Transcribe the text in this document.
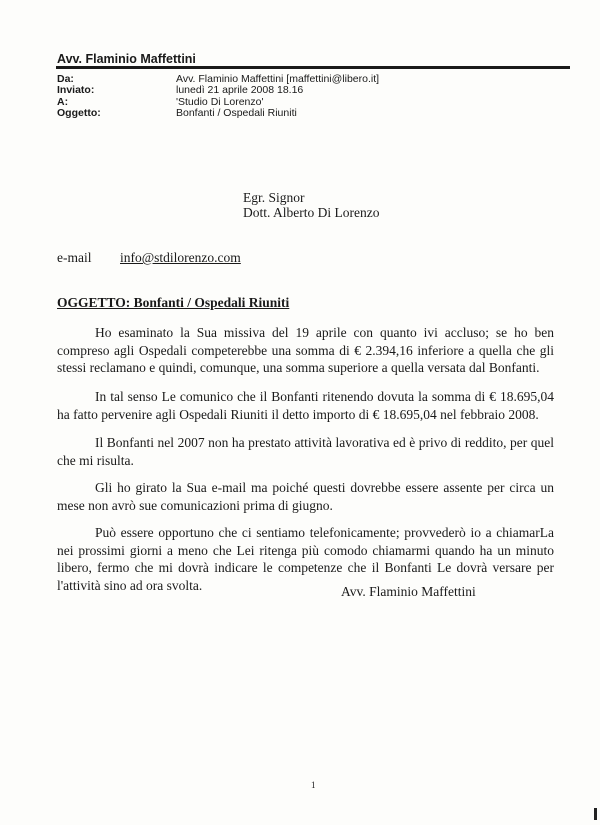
Avv. Flaminio Maffettini
Da:	Avv. Flaminio Maffettini [maffettini@libero.it]
Inviato:	lunedì 21 aprile 2008 18.16
A:	'Studio Di Lorenzo'
Oggetto:	Bonfanti / Ospedali Riuniti
Egr. Signor
Dott. Alberto Di Lorenzo
e-mail info@stdilorenzo.com
OGGETTO: Bonfanti / Ospedali Riuniti
Ho esaminato la Sua missiva del 19 aprile con quanto ivi accluso; se ho ben
compreso agli Ospedali competerebbe una somma di € 2.394,16 inferiore a quella che gli
stessi reclamano e quindi, comunque, una somma superiore a quella versata dal Bonfanti.
In tal senso Le comunico che il Bonfanti ritenendo dovuta la somma di € 18.695,04
ha fatto pervenire agli Ospedali Riuniti il detto importo di € 18.695,04 nel febbraio 2008.
Il Bonfanti nel 2007 non ha prestato attività lavorativa ed è privo di reddito, per quel
che mi risulta.
Gli ho girato la Sua e-mail ma poiché questi dovrebbe essere assente per circa un
mese non avrò sue comunicazioni prima di giugno.
Può essere opportuno che ci sentiamo telefonicamente; provvederò io a chiamarLa
nei prossimi giorni a meno che Lei ritenga più comodo chiamarmi quando ha un minuto
libero, fermo che mi dovrà indicare le competenze che il Bonfanti Le dovrà versare per
l'attività sino ad ora svolta.	Avv. Flaminio Maffettini
1
